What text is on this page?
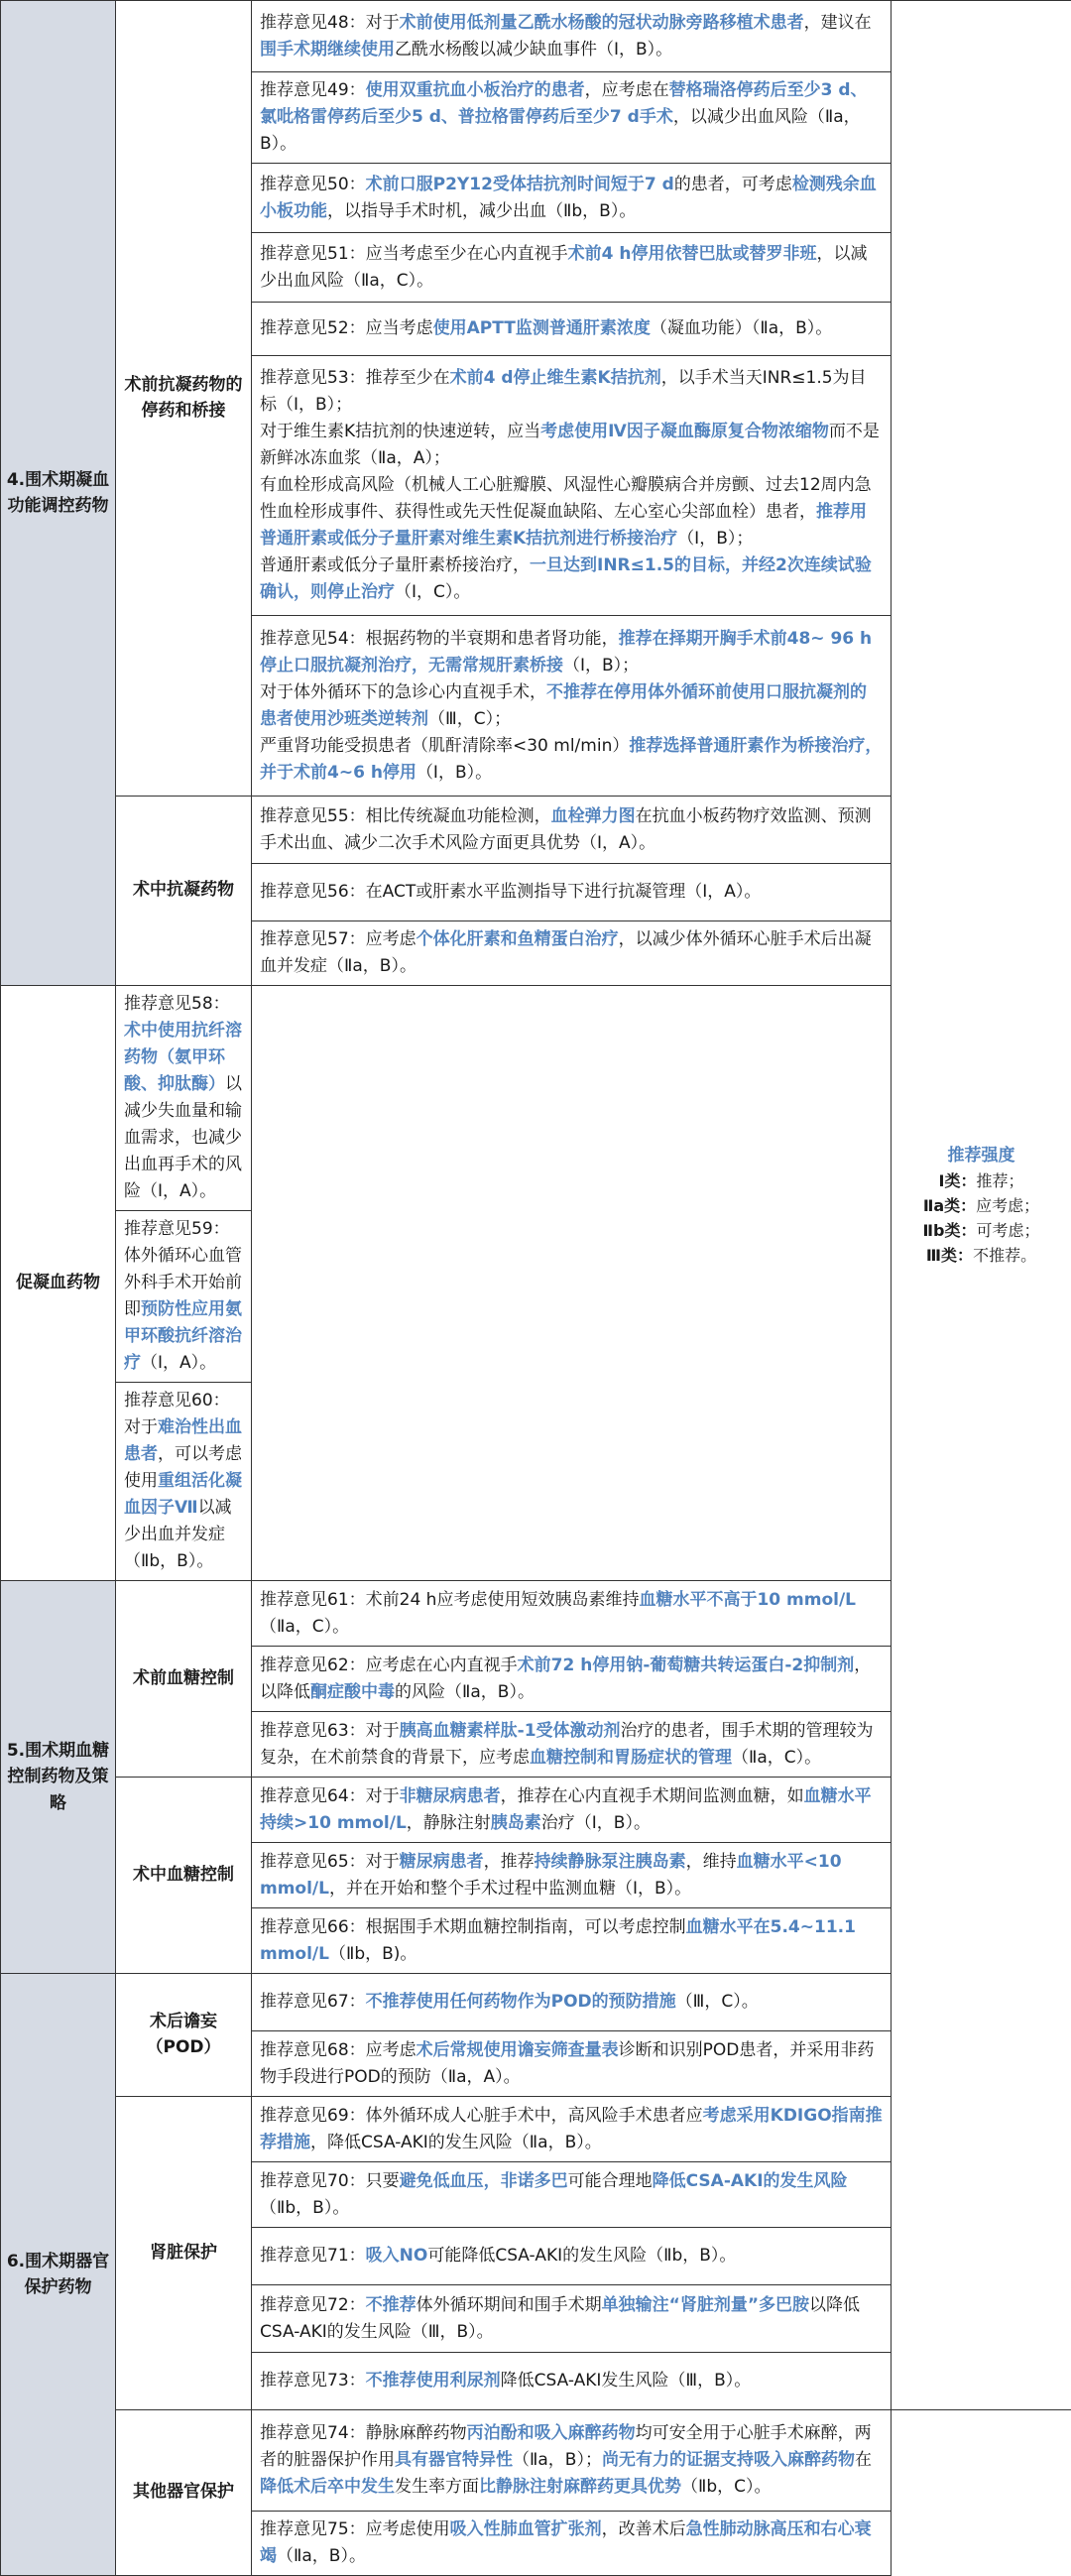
4.围术期凝血功能调控药物	术前抗凝药物的停药和桥接	推荐意见48：对于术前使用低剂量乙酰水杨酸的冠状动脉旁路移植术患者，建议在围手术期继续使用乙酰水杨酸以减少缺血事件（Ⅰ，B）。	推荐强度
Ⅰ类：推荐；
Ⅱa类：应考虑；
Ⅱb类：可考虑；
Ⅲ类：不推荐。

		推荐意见49：使用双重抗血小板治疗的患者，应考虑在替格瑞洛停药后至少3 d、氯吡格雷停药后至少5 d、普拉格雷停药后至少7 d手术，以减少出血风险（Ⅱa，B）。	
		推荐意见50：术前口服P2Y12受体拮抗剂时间短于7 d的患者，可考虑检测残余血小板功能，以指导手术时机，减少出血（Ⅱb，B）。	
		推荐意见51：应当考虑至少在心内直视手术前4 h停用依替巴肽或替罗非班，以减少出血风险（Ⅱa，C）。	
		推荐意见52：应当考虑使用APTT监测普通肝素浓度（凝血功能）（Ⅱa，B）。	
		推荐意见53：推荐至少在术前4 d停止维生素K拮抗剂，以手术当天INR≤1.5为目标（Ⅰ，B）；
对于维生素K拮抗剂的快速逆转，应当考虑使用Ⅳ因子凝血酶原复合物浓缩物而不是新鲜冰冻血浆（Ⅱa，A）；
有血栓形成高风险（机械人工心脏瓣膜、风湿性心瓣膜病合并房颤、过去12周内急性血栓形成事件、获得性或先天性促凝血缺陷、左心室心尖部血栓）患者，推荐用普通肝素或低分子量肝素对维生素K拮抗剂进行桥接治疗（Ⅰ，B）；
普通肝素或低分子量肝素桥接治疗，一旦达到INR≤1.5的目标，并经2次连续试验确认，则停止治疗（Ⅰ，C）。	
		推荐意见54：根据药物的半衰期和患者肾功能，推荐在择期开胸手术前48~ 96 h停止口服抗凝剂治疗，无需常规肝素桥接（Ⅰ，B）；
对于体外循环下的急诊心内直视手术，不推荐在停用体外循环前使用口服抗凝剂的患者使用沙班类逆转剂（Ⅲ，C）；
严重肾功能受损患者（肌酐清除率<30 ml/min）推荐选择普通肝素作为桥接治疗，并于术前4~6 h停用（Ⅰ，B）。	
	术中抗凝药物	推荐意见55：相比传统凝血功能检测，血栓弹力图在抗血小板药物疗效监测、预测手术出血、减少二次手术风险方面更具优势（Ⅰ，A）。	
		推荐意见56：在ACT或肝素水平监测指导下进行抗凝管理（Ⅰ，A）。	
		推荐意见57：应考虑个体化肝素和鱼精蛋白治疗，以减少体外循环心脏手术后出凝血并发症（Ⅱa，B）。	
促凝血药物	推荐意见58：术中使用抗纤溶药物（氨甲环酸、抑肽酶）以减少失血量和输血需求，也减少出血再手术的风险（Ⅰ，A）。		
	推荐意见59：体外循环心血管外科手术开始前即预防性应用氨甲环酸抗纤溶治疗（Ⅰ，A）。		
	推荐意见60：对于难治性出血患者，可以考虑使用重组活化凝血因子Ⅶ以减少出血并发症（Ⅱb，B）。		
5.围术期血糖控制药物及策略	术前血糖控制	推荐意见61：术前24 h应考虑使用短效胰岛素维持血糖水平不高于10 mmol/L（Ⅱa，C）。	
		推荐意见62：应考虑在心内直视手术前72 h停用钠-葡萄糖共转运蛋白-2抑制剂，以降低酮症酸中毒的风险（Ⅱa，B）。	
		推荐意见63：对于胰高血糖素样肽-1受体激动剂治疗的患者，围手术期的管理较为复杂，在术前禁食的背景下，应考虑血糖控制和胃肠症状的管理（Ⅱa，C）。	
	术中血糖控制	推荐意见64：对于非糖尿病患者，推荐在心内直视手术期间监测血糖，如血糖水平持续>10 mmol/L，静脉注射胰岛素治疗（Ⅰ，B）。	
		推荐意见65：对于糖尿病患者，推荐持续静脉泵注胰岛素，维持血糖水平<10 mmol/L，并在开始和整个手术过程中监测血糖（Ⅰ，B）。	
		推荐意见66：根据围手术期血糖控制指南，可以考虑控制血糖水平在5.4~11.1 mmol/L（Ⅱb，B)。	
6.围术期器官保护药物	术后谵妄（POD）	推荐意见67：不推荐使用任何药物作为POD的预防措施（Ⅲ，C）。	
		推荐意见68：应考虑术后常规使用谵妄筛查量表诊断和识别POD患者，并采用非药物手段进行POD的预防（Ⅱa，A）。	
	肾脏保护	推荐意见69：体外循环成人心脏手术中，高风险手术患者应考虑采用KDIGO指南推荐措施，降低CSA-AKI的发生风险（Ⅱa，B）。	
		推荐意见70：只要避免低血压，非诺多巴可能合理地降低CSA-AKI的发生风险（Ⅱb，B）。	
		推荐意见71：吸入NO可能降低CSA-AKI的发生风险（Ⅱb，B）。	
		推荐意见72：不推荐体外循环期间和围手术期单独输注“肾脏剂量”多巴胺以降低CSA-AKI的发生风险（Ⅲ，B）。	
		推荐意见73：不推荐使用利尿剂降低CSA-AKI发生风险（Ⅲ，B）。	
	其他器官保护	推荐意见74：静脉麻醉药物丙泊酚和吸入麻醉药物均可安全用于心脏手术麻醉，两者的脏器保护作用具有器官特异性（Ⅱa，B）；尚无有力的证据支持吸入麻醉药物在降低术后卒中发生发生率方面比静脉注射麻醉药更具优势（Ⅱb，C）。	
		推荐意见75：应考虑使用吸入性肺血管扩张剂，改善术后急性肺动脉高压和右心衰竭（Ⅱa，B）。	
